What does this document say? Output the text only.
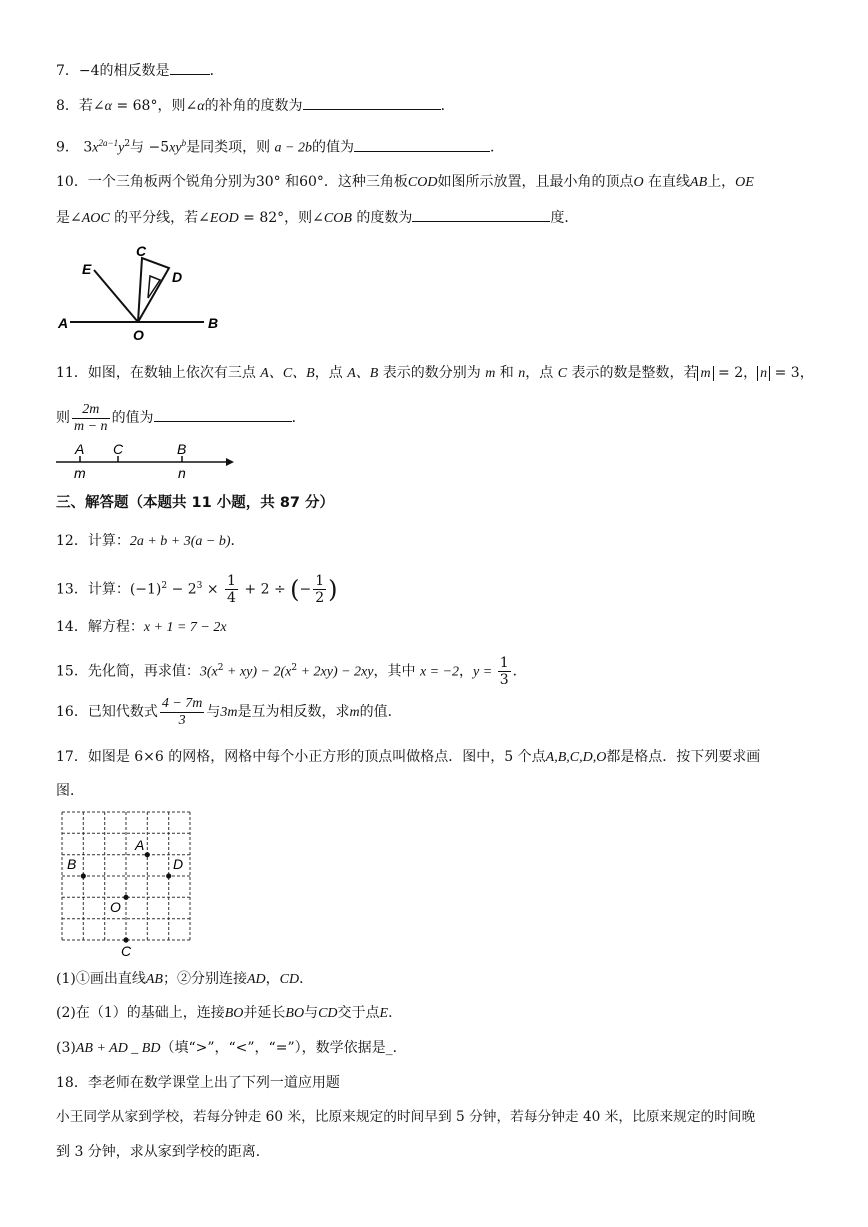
7．−4的相反数是	．
8．若∠α = 68°，则∠α的补角的度数为	．
9． $3x^{2a-1}y^2$与 $-5xy^b$是同类项，则 a − 2b的值为	．
10．一个三角板两个锐角分别为30° 和60°．这种三角板COD如图所示放置，且最小角的顶点O 在直线AB上，OE
是∠AOC 的平分线，若∠EOD = 82°，则∠COB 的度数为	度．
E
C
D
A
O
B
11．如图，在数轴上依次有三点 A、C、B，点 A、B 表示的数分别为 m 和 n，点 C 表示的数是整数，若 m = 2， n = 3，
则 $\frac{2m}{m - n}$ 的值为	．
A C	B
m	n
三、解答题（本题共 11 小题，共 87 分）
12．计算：2a + b + 3(a − b)．
13．计算：$(-1)^2 - 2^3 \times \frac{1}{4} + 2$ ÷ (− $\frac{1}{2}$ )
14．解方程：x + 1 = 7 − 2x
15．先化简，再求值：$3(x^2 + xy) - 2(x^2 + 2xy) - 2xy$，其中 x = −2，$y = \frac{1}{3}$ ．
16．已知代数式 $\frac{4 - 7m}{3}$ 与3m是互为相反数，求m的值．
17．如图是 6×6 的网格，网格中每个小正方形的顶点叫做格点．图中，5 个点A,B,C,D,O都是格点．按下列要求画
图．
A
B	D
O
C
(1)①画出直线AB；②分别连接AD，CD．
(2)在（1）的基础上，连接BO并延长BO与CD交于点E．
(3)AB + AD _ BD（填“>”，“<”，“=”），数学依据是_．
18．李老师在数学课堂上出了下列一道应用题
小王同学从家到学校，若每分钟走 60 米，比原来规定的时间早到 5 分钟，若每分钟走 40 米，比原来规定的时间晚
到 3 分钟，求从家到学校的距离．
